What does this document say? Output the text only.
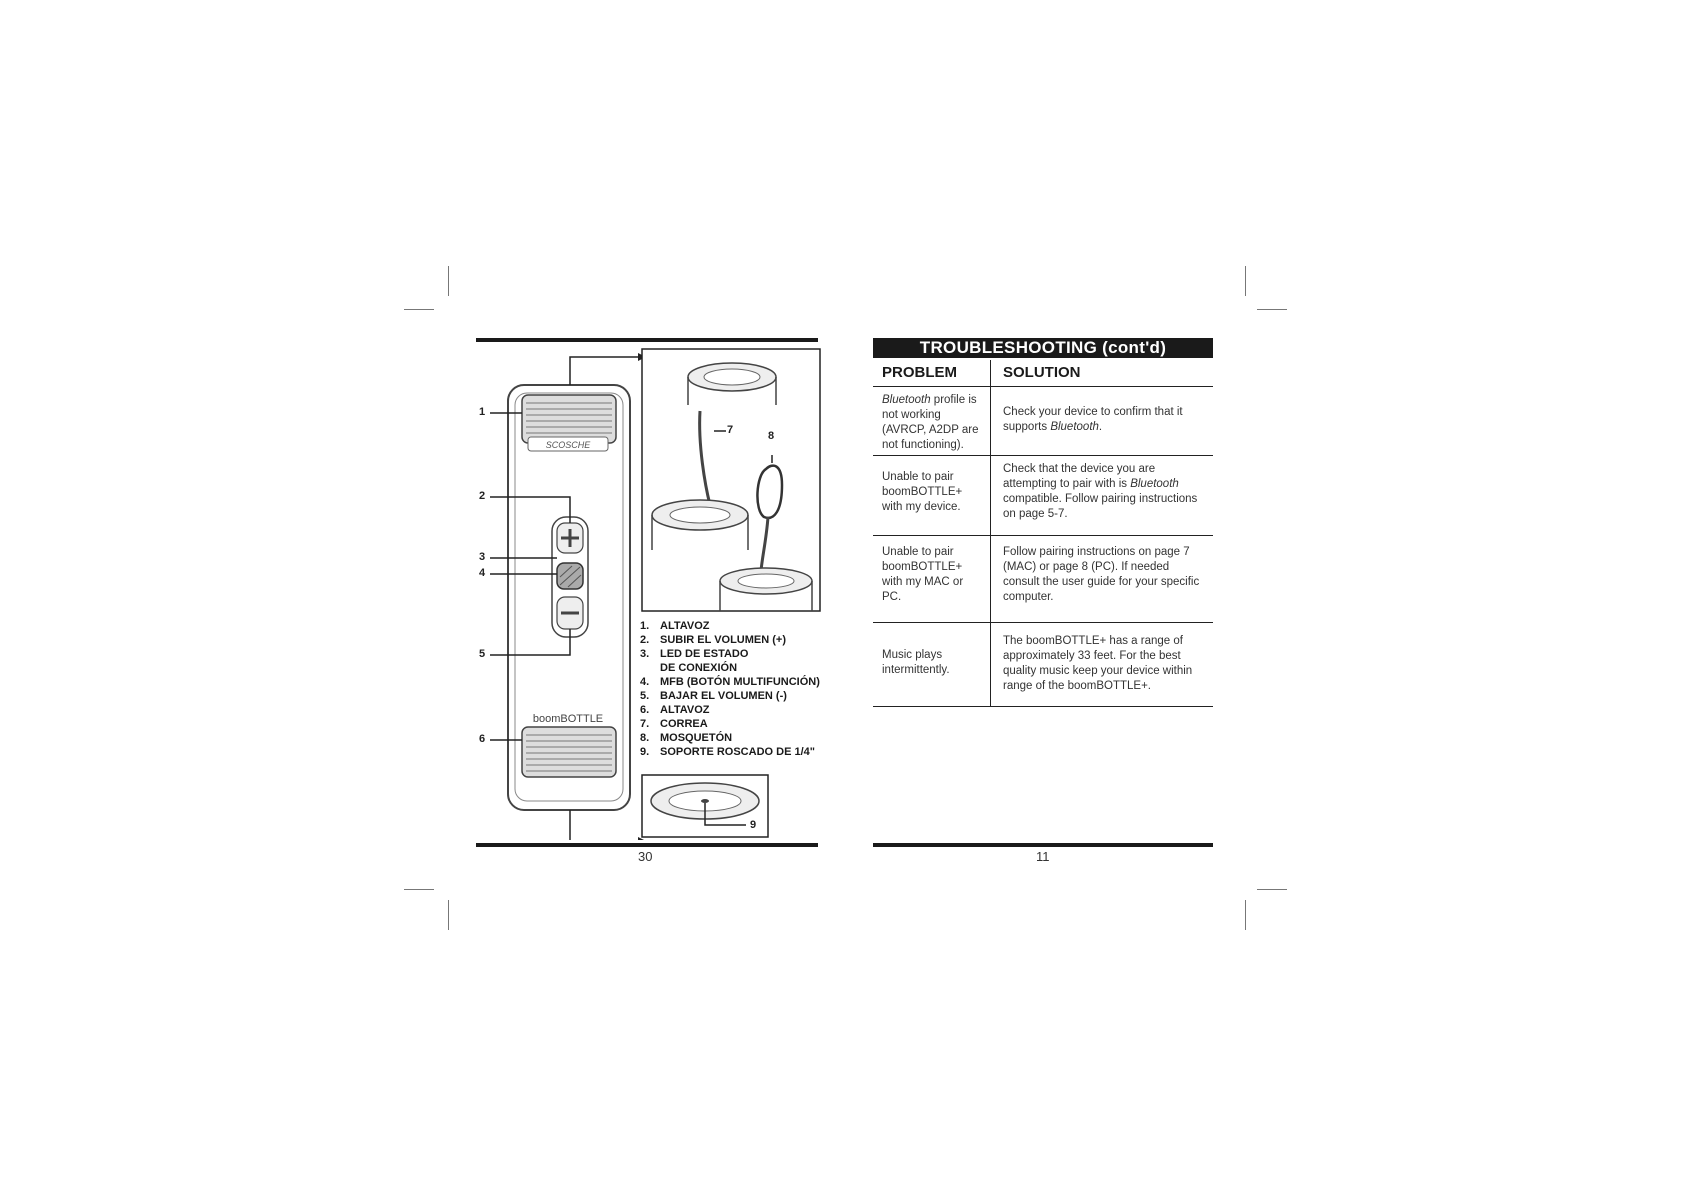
SCOSCHE
boomBOTTLE
1
2
3
4
5
6
7	8
9
1. ALTAVOZ
2. SUBIR EL VOLUMEN (+)
3. LED DE ESTADO
DE CONEXIÓN
4. MFB (BOTÓN MULTIFUNCIÓN)
5. BAJAR EL VOLUMEN (-)
6. ALTAVOZ
7. CORREA
8. MOSQUETÓN
9. SOPORTE ROSCADO DE 1/4"
30
TROUBLESHOOTING (cont'd)
PROBLEM	SOLUTION
Bluetooth profile is not working (AVRCP, A2DP are not functioning).
Check your device to confirm that it supports Bluetooth.
Unable to pair boomBOTTLE+ with my device.
Check that the device you are attempting to pair with is Bluetooth compatible. Follow pairing instructions on page 5-7.
Unable to pair boomBOTTLE+ with my MAC or PC.
Follow pairing instructions on page 7 (MAC) or page 8 (PC). If needed consult the user guide for your specific computer.
Music plays intermittently.
The boomBOTTLE+ has a range of approximately 33 feet. For the best quality music keep your device within range of the boomBOTTLE+.
11
